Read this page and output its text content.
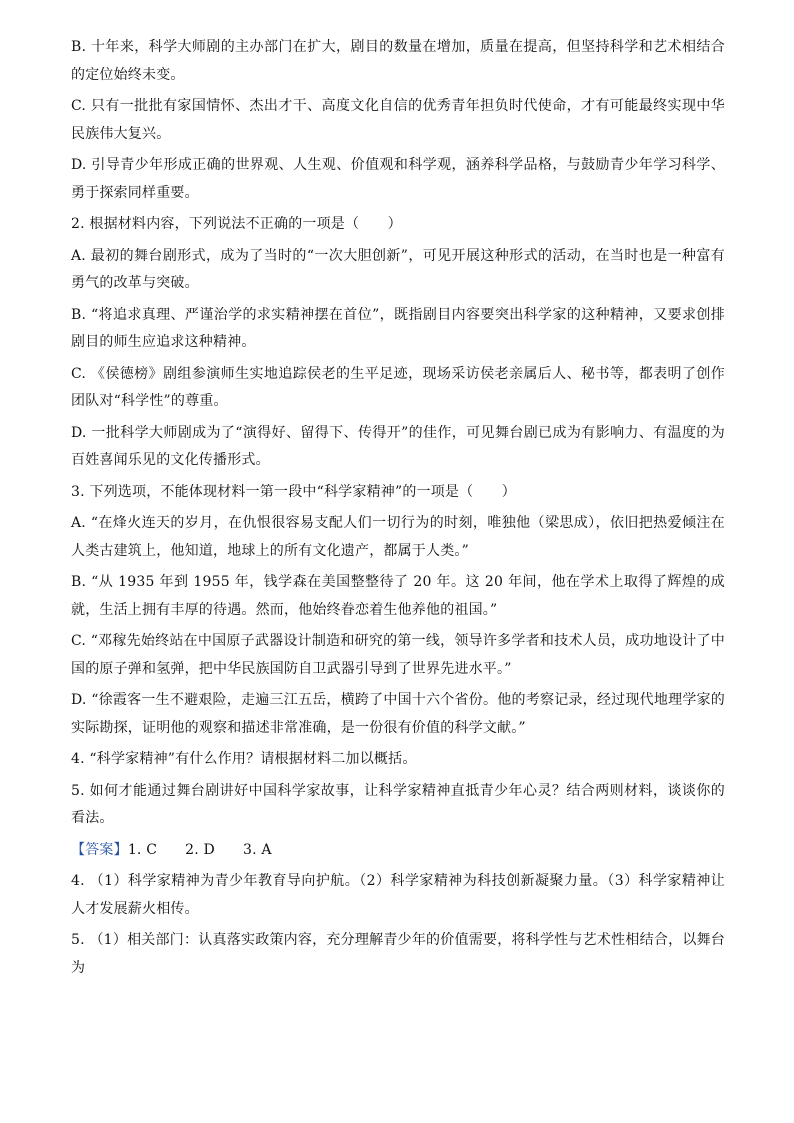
B. 十年来，科学大师剧的主办部门在扩大，剧目的数量在增加，质量在提高，但坚持科学和艺术相结合的定位始终未变。

C. 只有一批批有家国情怀、杰出才干、高度文化自信的优秀青年担负时代使命，才有可能最终实现中华民族伟大复兴。

D. 引导青少年形成正确的世界观、人生观、价值观和科学观，涵养科学品格，与鼓励青少年学习科学、勇于探索同样重要。

2. 根据材料内容，下列说法不正确的一项是（　　）

A. 最初的舞台剧形式，成为了当时的“一次大胆创新”，可见开展这种形式的活动，在当时也是一种富有勇气的改革与突破。

B. “将追求真理、严谨治学的求实精神摆在首位”，既指剧目内容要突出科学家的这种精神，又要求创排剧目的师生应追求这种精神。

C. 《侯德榜》剧组参演师生实地追踪侯老的生平足迹，现场采访侯老亲属后人、秘书等，都表明了创作团队对“科学性”的尊重。

D. 一批科学大师剧成为了“演得好、留得下、传得开”的佳作，可见舞台剧已成为有影响力、有温度的为百姓喜闻乐见的文化传播形式。

3. 下列选项，不能体现材料一第一段中“科学家精神”的一项是（　　）

A. “在烽火连天的岁月，在仇恨很容易支配人们一切行为的时刻，唯独他（梁思成），依旧把热爱倾注在人类古建筑上，他知道，地球上的所有文化遗产，都属于人类。”

B. “从 1935 年到 1955 年，钱学森在美国整整待了 20 年。这 20 年间，他在学术上取得了辉煌的成就，生活上拥有丰厚的待遇。然而，他始终眷恋着生他养他的祖国。”

C. “邓稼先始终站在中国原子武器设计制造和研究的第一线，领导许多学者和技术人员，成功地设计了中国的原子弹和氢弹，把中华民族国防自卫武器引导到了世界先进水平。”

D. “徐霞客一生不避艰险，走遍三江五岳，横跨了中国十六个省份。他的考察记录，经过现代地理学家的实际勘探，证明他的观察和描述非常准确，是一份很有价值的科学文献。”

4. “科学家精神”有什么作用？请根据材料二加以概括。

5. 如何才能通过舞台剧讲好中国科学家故事，让科学家精神直抵青少年心灵？结合两则材料，谈谈你的看法。

【答案】1. C 2. D 3. A

4. （1）科学家精神为青少年教育导向护航。（2）科学家精神为科技创新凝聚力量。（3）科学家精神让人才发展薪火相传。

5. （1）相关部门：认真落实政策内容，充分理解青少年的价值需要，将科学性与艺术性相结合，以舞台为
